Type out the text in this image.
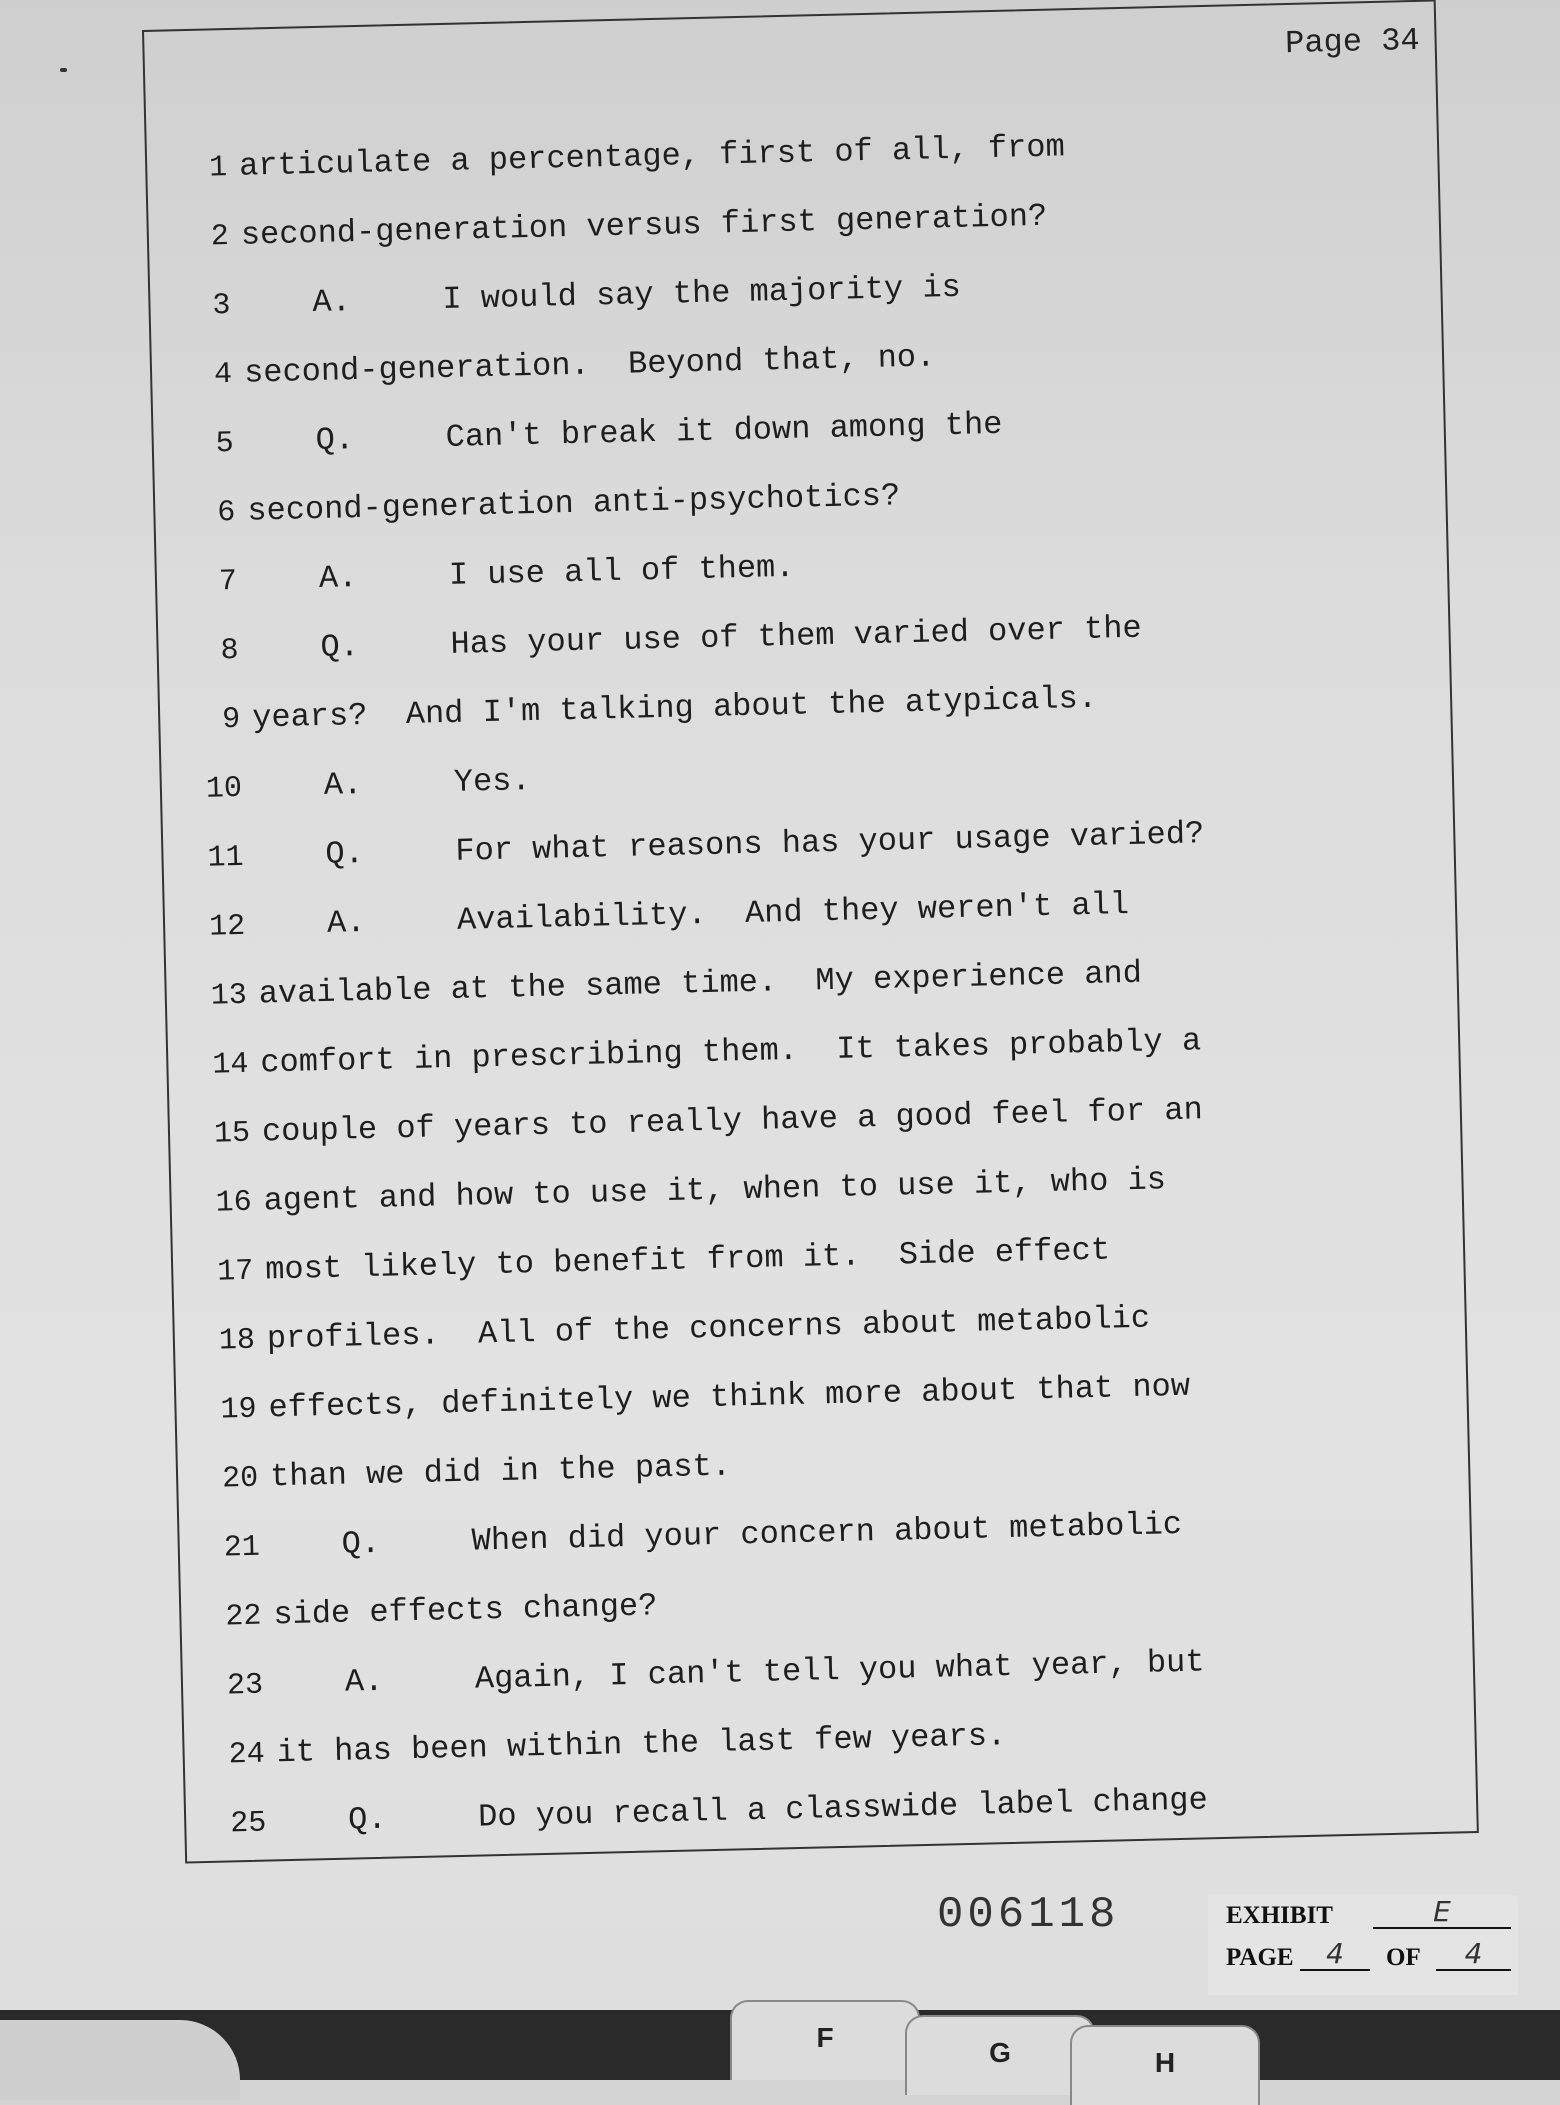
Page 34
1 articulate a percentage, first of all, from
2 second-generation versus first generation?
3	A.	I would say the majority is
4 second-generation.  Beyond that, no.
5	Q.	Can't break it down among the
6 second-generation anti-psychotics?
7	A.	I use all of them.
8	Q.	Has your use of them varied over the
9 years?  And I'm talking about the atypicals.
10	A.	Yes.
11	Q.	For what reasons has your usage varied?
12	A.	Availability.  And they weren't all
13 available at the same time.  My experience and
14 comfort in prescribing them.  It takes probably a
15 couple of years to really have a good feel for an
16 agent and how to use it, when to use it, who is
17 most likely to benefit from it.  Side effect
18 profiles.  All of the concerns about metabolic
19 effects, definitely we think more about that now
20 than we did in the past.
21	Q.	When did your concern about metabolic
22 side effects change?
23	A.	Again, I can't tell you what year, but
24 it has been within the last few years.
25	Q.	Do you recall a classwide label change
006118	EXHIBIT	E
PAGE	4	OF	4
F	G	H
